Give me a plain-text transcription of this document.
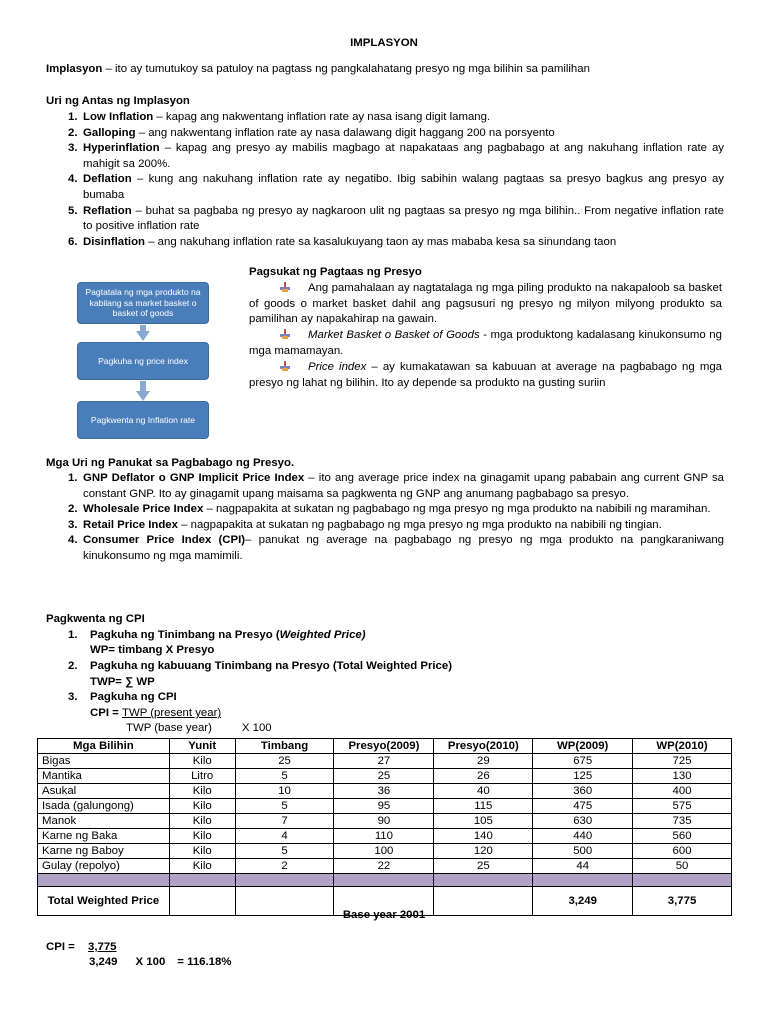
IMPLASYON
Implasyon – ito ay tumutukoy sa patuloy na pagtass ng pangkalahatang presyo ng mga bilihin sa pamilihan
Uri ng Antas ng Implasyon
1. Low Inflation – kapag ang nakwentang inflation rate ay nasa isang digit lamang.
2. Galloping – ang nakwentang inflation rate ay nasa dalawang digit haggang 200 na porsyento
3. Hyperinflation – kapag ang presyo ay mabilis magbago at napakataas ang pagbabago at ang nakuhang inflation rate ay mahigit sa 200%.
4. Deflation – kung ang nakuhang inflation rate ay negatibo. Ibig sabihin walang pagtaas sa presyo bagkus ang presyo ay bumaba
5. Reflation – buhat sa pagbaba ng presyo ay nagkaroon ulit ng pagtaas sa presyo ng mga bilihin.. From negative inflation rate to positive inflation rate
6. Disinflation – ang nakuhang inflation rate sa kasalukuyang taon ay mas mababa kesa sa sinundang taon
Pagtatala ng mga produkto na kabilang sa market basket o basket of goods
Pagkuha ng price index
Pagkwenta ng Inflation rate
Pagsukat ng Pagtaas ng Presyo
Ang pamahalaan ay nagtatalaga ng mga piling produkto na nakapaloob sa basket of goods o market basket dahil ang pagsusuri ng presyo ng milyon milyong produkto sa pamilihan ay napakahirap na gawain.
Market Basket o Basket of Goods - mga produktong kadalasang kinukonsumo ng mga mamamayan.
Price index – ay kumakatawan sa kabuuan at average na pagbabago ng mga presyo ng lahat ng bilihin. Ito ay depende sa produkto na gusting suriin
Mga Uri ng Panukat sa Pagbabago ng Presyo.
1. GNP Deflator o GNP Implicit Price Index – ito ang average price index na ginagamit upang pababain ang current GNP sa constant GNP. Ito ay ginagamit upang maisama sa pagkwenta ng GNP ang anumang pagbabago sa presyo.
2. Wholesale Price Index – nagpapakita at sukatan ng pagbabago ng mga presyo ng mga produkto na nabibili ng maramihan.
3. Retail Price Index – nagpapakita at sukatan ng pagbabago ng mga presyo ng mga produkto na nabibili ng tingian.
4. Consumer Price Index (CPI)– panukat ng average na pagbabago ng presyo ng mga produkto na pangkaraniwang kinukonsumo ng mga mamimili.
Pagkwenta ng CPI
1. Pagkuha ng Tinimbang na Presyo (Weighted Price)
WP= timbang X Presyo
2. Pagkuha ng kabuuang Tinimbang na Presyo (Total Weighted Price)
TWP= ∑ WP
3. Pagkuha ng CPI
CPI = TWP (present year)
TWP (base year)	X 100
Mga Bilihin	Yunit	Timbang	Presyo(2009)	Presyo(2010)	WP(2009)	WP(2010)
Bigas	Kilo	25	27	29	675	725
Mantika	Litro	5	25	26	125	130
Asukal	Kilo	10	36	40	360	400
Isada (galungong)	Kilo	5	95	115	475	575
Manok	Kilo	7	90	105	630	735
Karne ng Baka	Kilo	4	110	140	440	560
Karne ng Baboy	Kilo	5	100	120	500	600
Gulay (repolyo)	Kilo	2	22	25	44	50

Total Weighted Price					3,249	3,775
Base year 2001
CPI = 3,775
3,249 X 100 = 116.18%
